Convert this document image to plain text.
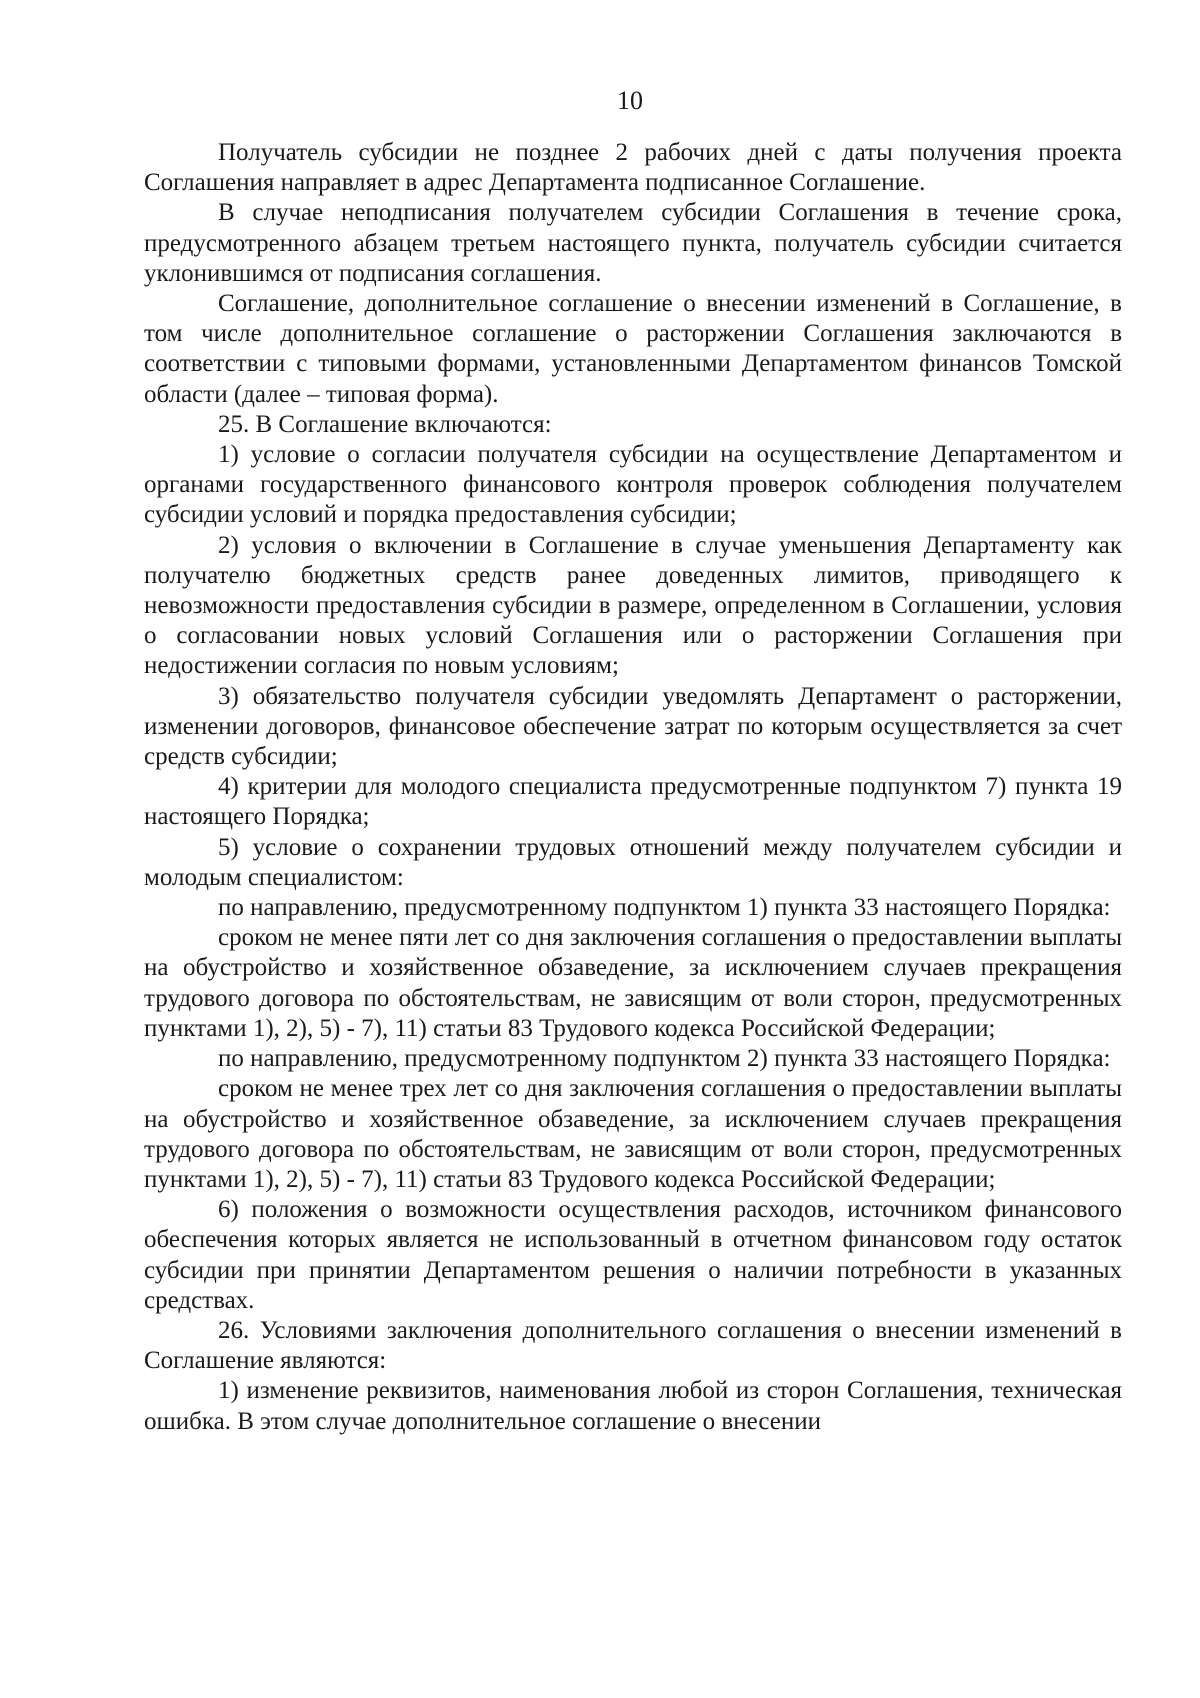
10

Получатель субсидии не позднее 2 рабочих дней с даты получения проекта Соглашения направляет в адрес Департамента подписанное Соглашение.

В случае неподписания получателем субсидии Соглашения в течение срока, предусмотренного абзацем третьем настоящего пункта, получатель субсидии считается уклонившимся от подписания соглашения.

Соглашение, дополнительное соглашение о внесении изменений в Соглашение, в том числе дополнительное соглашение о расторжении Соглашения заключаются в соответствии с типовыми формами, установленными Департаментом финансов Томской области (далее – типовая форма).

25. В Соглашение включаются:

1) условие о согласии получателя субсидии на осуществление Департаментом и органами государственного финансового контроля проверок соблюдения получателем субсидии условий и порядка предоставления субсидии;

2) условия о включении в Соглашение в случае уменьшения Департаменту как получателю бюджетных средств ранее доведенных лимитов, приводящего к невозможности предоставления субсидии в размере, определенном в Соглашении, условия о согласовании новых условий Соглашения или о расторжении Соглашения при недостижении согласия по новым условиям;

3) обязательство получателя субсидии уведомлять Департамент о расторжении, изменении договоров, финансовое обеспечение затрат по которым осуществляется за счет средств субсидии;

4) критерии для молодого специалиста предусмотренные подпунктом 7) пункта 19 настоящего Порядка;

5) условие о сохранении трудовых отношений между получателем субсидии и молодым специалистом:

по направлению, предусмотренному подпунктом 1) пункта 33 настоящего Порядка:

сроком не менее пяти лет со дня заключения соглашения о предоставлении выплаты на обустройство и хозяйственное обзаведение, за исключением случаев прекращения трудового договора по обстоятельствам, не зависящим от воли сторон, предусмотренных пунктами 1), 2), 5) - 7), 11) статьи 83 Трудового кодекса Российской Федерации;

по направлению, предусмотренному подпунктом 2) пункта 33 настоящего Порядка:

сроком не менее трех лет со дня заключения соглашения о предоставлении выплаты на обустройство и хозяйственное обзаведение, за исключением случаев прекращения трудового договора по обстоятельствам, не зависящим от воли сторон, предусмотренных пунктами 1), 2), 5) - 7), 11) статьи 83 Трудового кодекса Российской Федерации;

6) положения о возможности осуществления расходов, источником финансового обеспечения которых является не использованный в отчетном финансовом году остаток субсидии при принятии Департаментом решения о наличии потребности в указанных средствах.

26. Условиями заключения дополнительного соглашения о внесении изменений в Соглашение являются:

1) изменение реквизитов, наименования любой из сторон Соглашения, техническая ошибка. В этом случае дополнительное соглашение о внесении
